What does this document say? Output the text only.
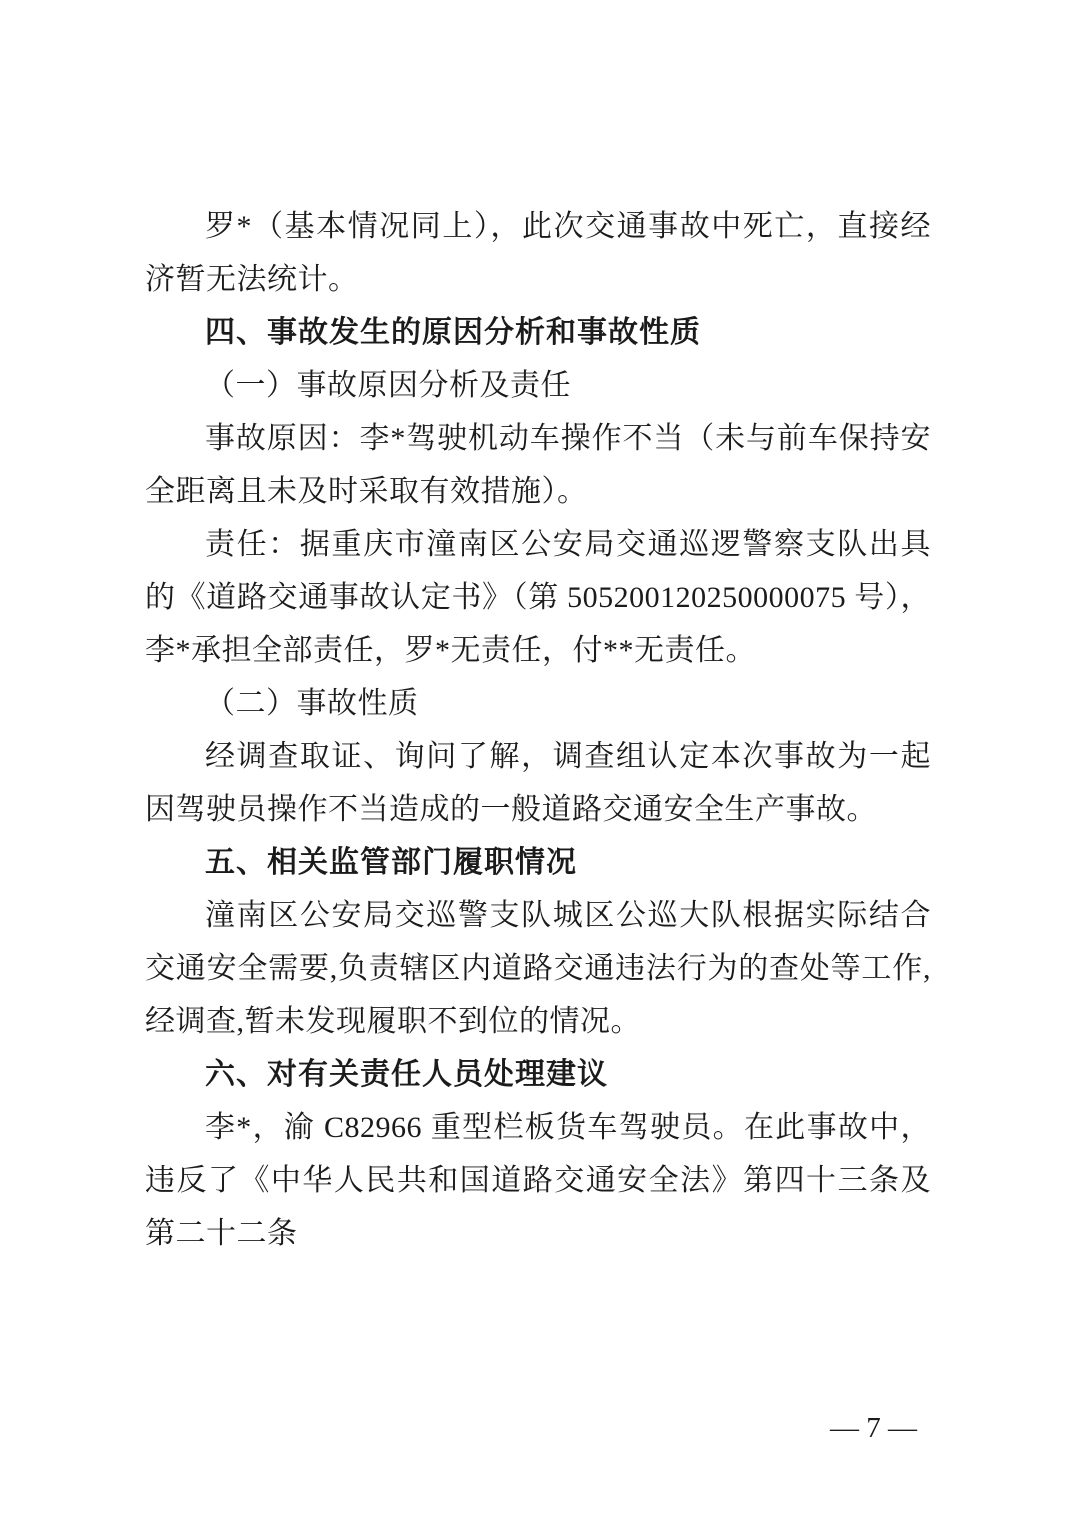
罗*（基本情况同上），此次交通事故中死亡，直接经济暂无法统计。

四、事故发生的原因分析和事故性质

（一）事故原因分析及责任

事故原因：李*驾驶机动车操作不当（未与前车保持安全距离且未及时采取有效措施）。

责任：据重庆市潼南区公安局交通巡逻警察支队出具的《道路交通事故认定书》（第 505200120250000075 号），李*承担全部责任，罗*无责任，付**无责任。

（二）事故性质

经调查取证、询问了解，调查组认定本次事故为一起因驾驶员操作不当造成的一般道路交通安全生产事故。

五、相关监管部门履职情况

潼南区公安局交巡警支队城区公巡大队根据实际结合交通安全需要,负责辖区内道路交通违法行为的查处等工作,经调查,暂未发现履职不到位的情况。

六、对有关责任人员处理建议

李*，渝 C82966 重型栏板货车驾驶员。在此事故中，违反了《中华人民共和国道路交通安全法》第四十三条及第二十二条

— 7 —
